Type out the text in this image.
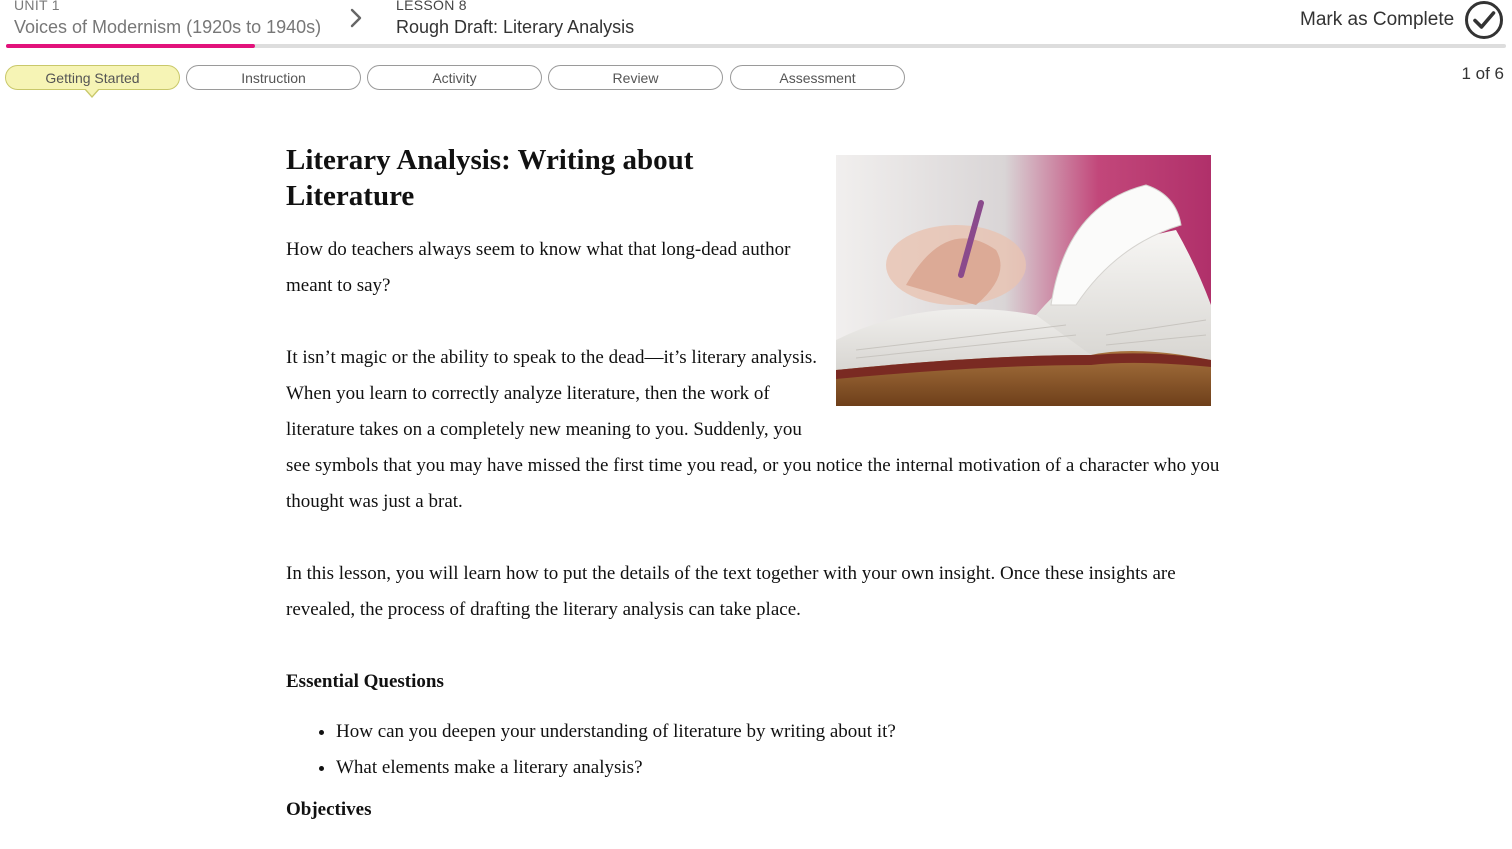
UNIT 1
Voices of Modernism (1920s to 1940s)
LESSON 8
Rough Draft: Literary Analysis	Mark as Complete
Getting Started	Instruction	Activity	Review	Assessment	1 of 6
Literary Analysis: Writing about Literature

How do teachers always seem to know what that long-dead author meant to say?

It isn’t magic or the ability to speak to the dead—it’s literary analysis. When you learn to correctly analyze literature, then the work of literature takes on a completely new meaning to you. Suddenly, you see symbols that you may have missed the first time you read, or you notice the internal motivation of a character who you thought was just a brat.

In this lesson, you will learn how to put the details of the text together with your own insight. Once these insights are revealed, the process of drafting the literary analysis can take place.

Essential Questions
• How can you deepen your understanding of literature by writing about it?
• What elements make a literary analysis?
Objectives
